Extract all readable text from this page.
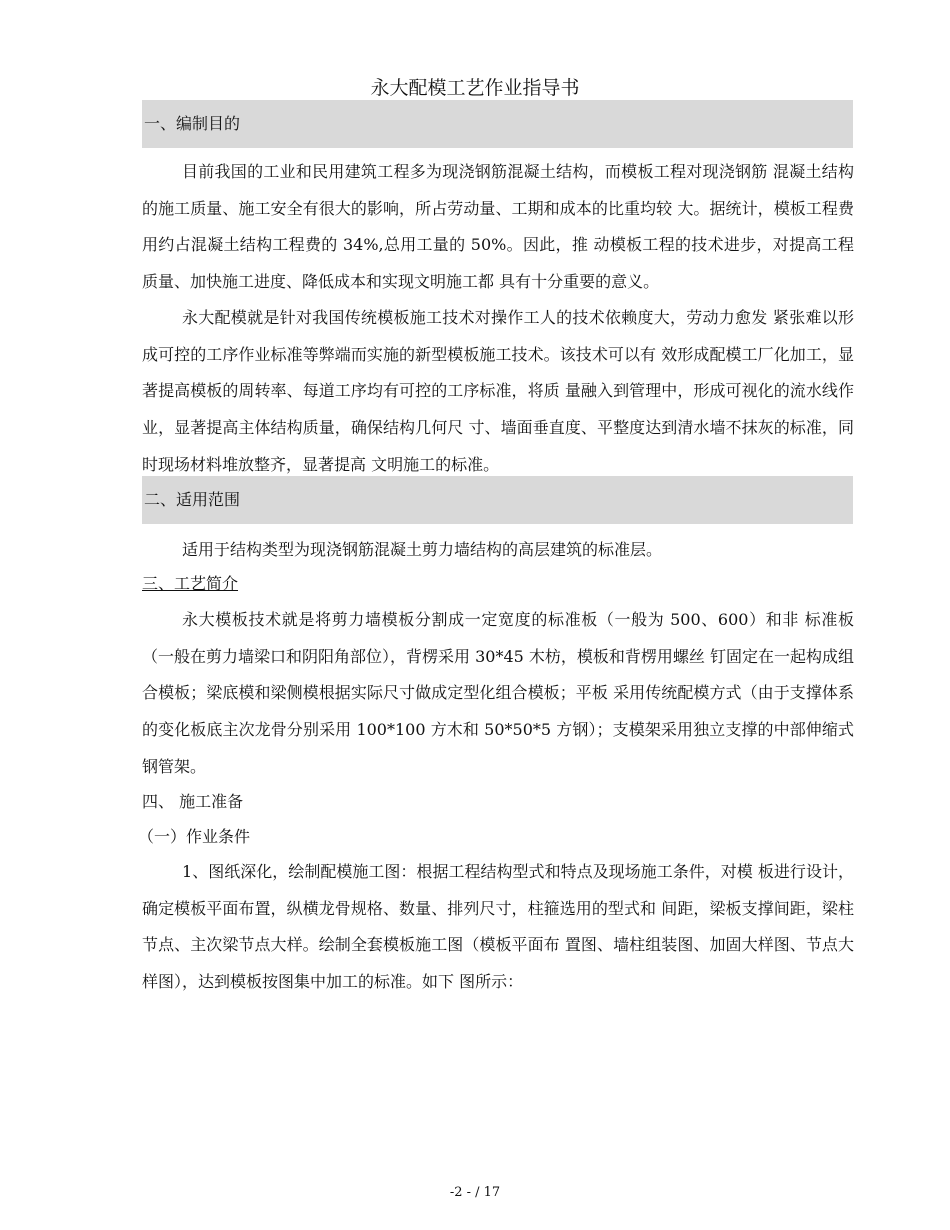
永大配模工艺作业指导书
一、编制目的

目前我国的工业和民用建筑工程多为现浇钢筋混凝土结构，而模板工程对现浇钢筋 混凝土结构的施工质量、施工安全有很大的影响，所占劳动量、工期和成本的比重均较 大。据统计，模板工程费用约占混凝土结构工程费的 34%,总用工量的 50%。因此，推 动模板工程的技术进步，对提高工程质量、加快施工进度、降低成本和实现文明施工都 具有十分重要的意义。

永大配模就是针对我国传统模板施工技术对操作工人的技术依赖度大，劳动力愈发 紧张难以形成可控的工序作业标准等弊端而实施的新型模板施工技术。该技术可以有 效形成配模工厂化加工，显著提高模板的周转率、每道工序均有可控的工序标准，将质 量融入到管理中，形成可视化的流水线作业，显著提高主体结构质量，确保结构几何尺 寸、墙面垂直度、平整度达到清水墙不抹灰的标准，同时现场材料堆放整齐，显著提高 文明施工的标准。

二、适用范围

适用于结构类型为现浇钢筋混凝土剪力墙结构的高层建筑的标准层。

三、工艺简介

永大模板技术就是将剪力墙模板分割成一定宽度的标准板（一般为 500、600）和非 标准板（一般在剪力墙梁口和阴阳角部位），背楞采用 30*45 木枋，模板和背楞用螺丝 钉固定在一起构成组合模板；梁底模和梁侧模根据实际尺寸做成定型化组合模板；平板 采用传统配模方式（由于支撑体系的变化板底主次龙骨分别采用 100*100 方木和 50*50*5 方钢）；支模架采用独立支撑的中部伸缩式钢管架。

四、 施工准备

（一）作业条件

1、图纸深化，绘制配模施工图：根据工程结构型式和特点及现场施工条件，对模 板进行设计，确定模板平面布置，纵横龙骨规格、数量、排列尺寸，柱箍选用的型式和 间距，梁板支撑间距，梁柱节点、主次梁节点大样。绘制全套模板施工图（模板平面布 置图、墙柱组装图、加固大样图、节点大样图），达到模板按图集中加工的标准。如下 图所示：

-2 - / 17
